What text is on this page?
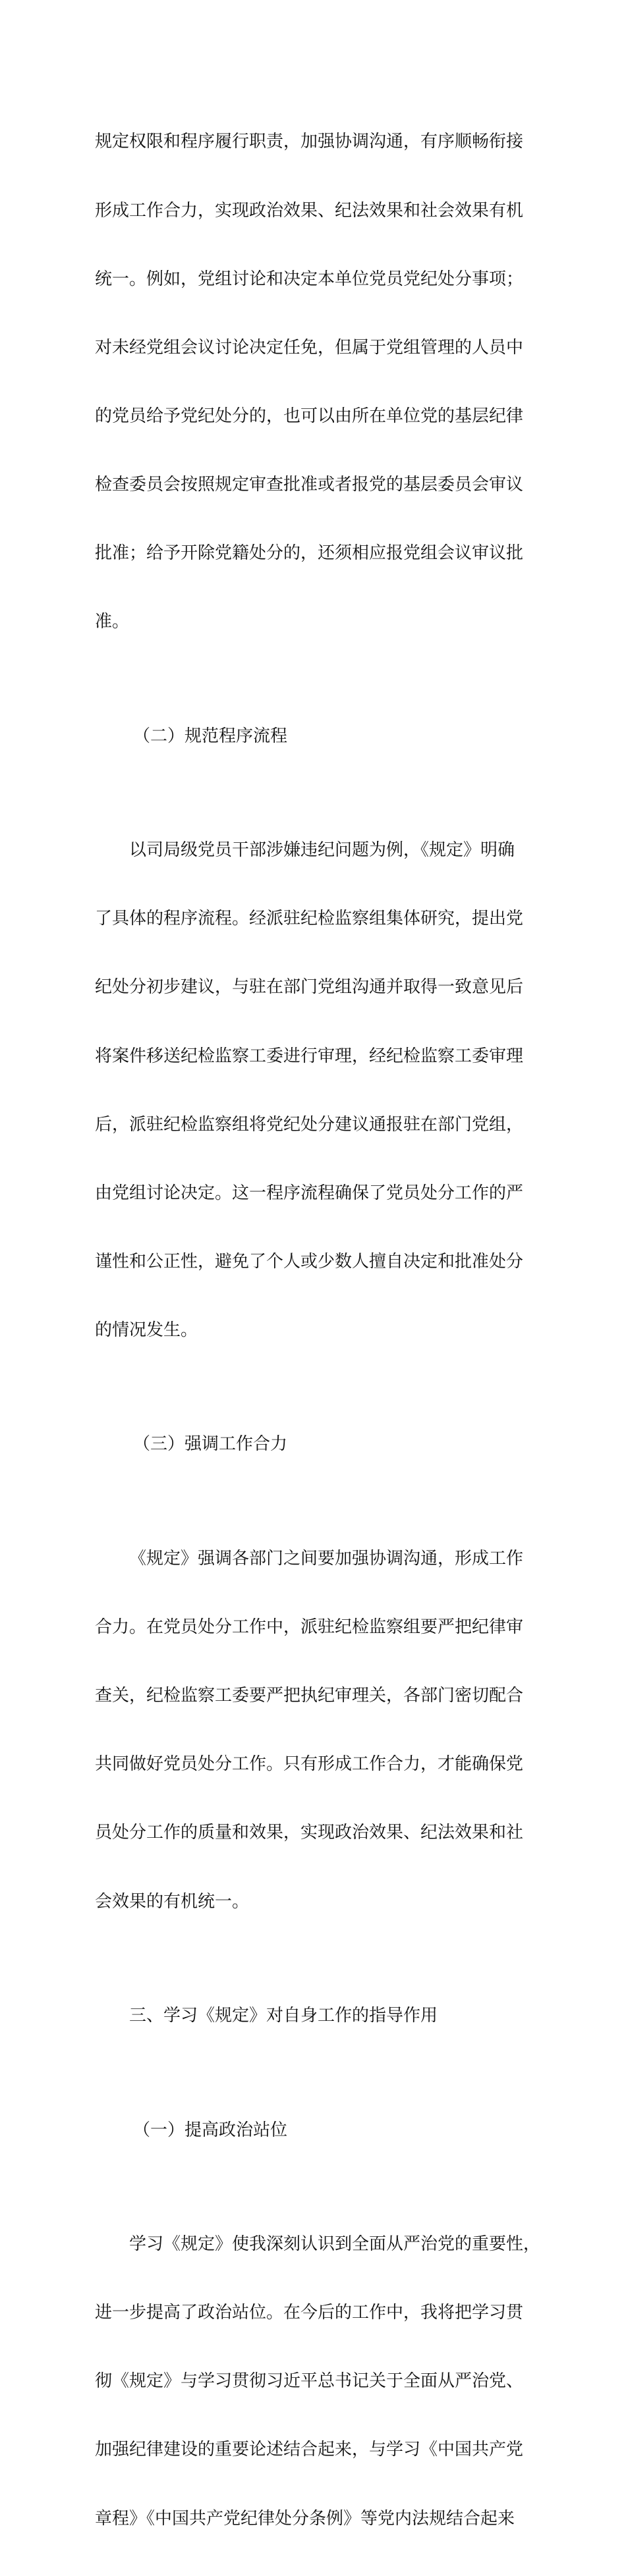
规定权限和程序履行职责，加强协调沟通，有序顺畅衔接

形成工作合力，实现政治效果、纪法效果和社会效果有机

统一。例如，党组讨论和决定本单位党员党纪处分事项；

对未经党组会议讨论决定任免，但属于党组管理的人员中

的党员给予党纪处分的，也可以由所在单位党的基层纪律

检查委员会按照规定审查批准或者报党的基层委员会审议

批准；给予开除党籍处分的，还须相应报党组会议审议批

准。

（二）规范程序流程

以司局级党员干部涉嫌违纪问题为例，《规定》明确

了具体的程序流程。经派驻纪检监察组集体研究，提出党

纪处分初步建议，与驻在部门党组沟通并取得一致意见后

将案件移送纪检监察工委进行审理，经纪检监察工委审理

后，派驻纪检监察组将党纪处分建议通报驻在部门党组，

由党组讨论决定。这一程序流程确保了党员处分工作的严

谨性和公正性，避免了个人或少数人擅自决定和批准处分

的情况发生。

（三）强调工作合力

《规定》强调各部门之间要加强协调沟通，形成工作

合力。在党员处分工作中，派驻纪检监察组要严把纪律审

查关，纪检监察工委要严把执纪审理关，各部门密切配合

共同做好党员处分工作。只有形成工作合力，才能确保党

员处分工作的质量和效果，实现政治效果、纪法效果和社

会效果的有机统一。

三、学习《规定》对自身工作的指导作用

（一）提高政治站位

学习《规定》使我深刻认识到全面从严治党的重要性，

进一步提高了政治站位。在今后的工作中，我将把学习贯

彻《规定》与学习贯彻习近平总书记关于全面从严治党、

加强纪律建设的重要论述结合起来，与学习《中国共产党

章程》《中国共产党纪律处分条例》等党内法规结合起来
